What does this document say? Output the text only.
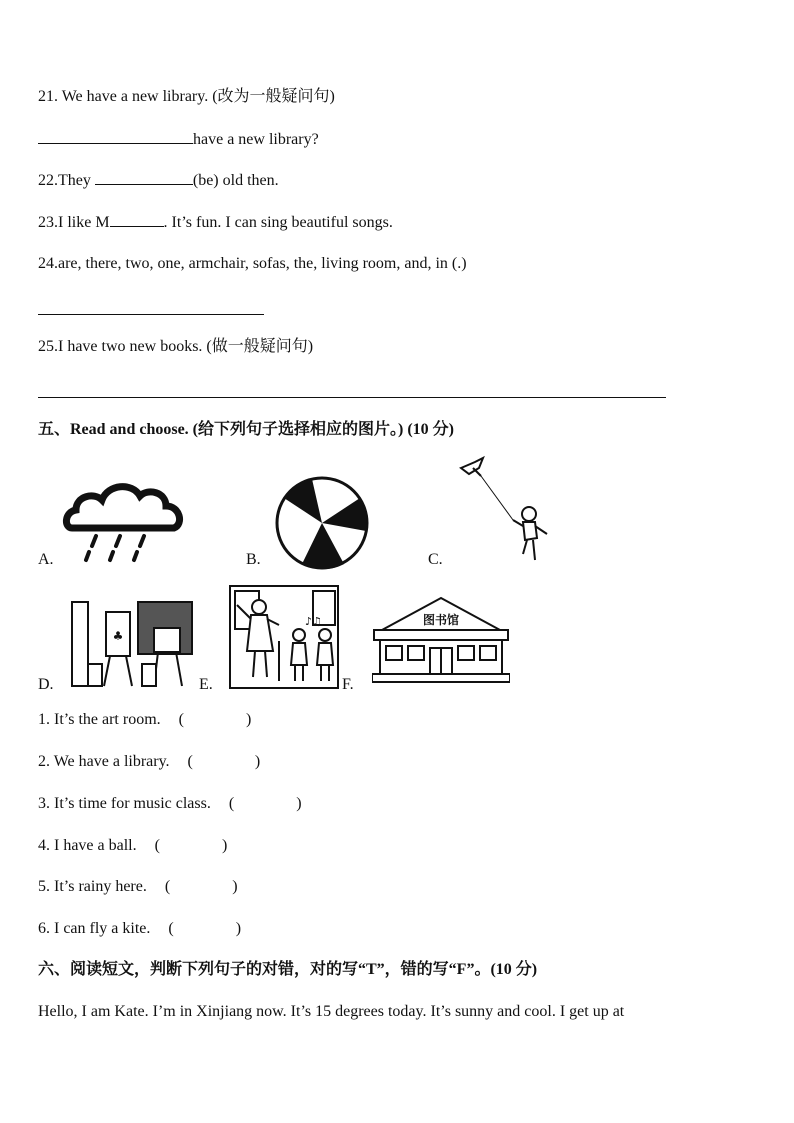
21. We have a new library. (改为一般疑问句)
have a new library?
22.They	(be) old then.
23.I like M	. It’s fun. I can sing beautiful songs.
24.are, there, two, one, armchair, sofas, the, living room, and, in (.)
25.I have two new books. (做一般疑问句)
五、Read and choose. (给下列句子选择相应的图片。) (10 分)
A.	B.	C.
D.
♣
E.
♪♫
F.
图书馆
1. It’s the art room. (	)
2. We have a library. (	)
3. It’s time for music class. (	)
4. I have a ball. (	)
5. It’s rainy here. (	)
6. I can fly a kite. (	)
六、阅读短文，判断下列句子的对错，对的写“T”，错的写“F”。(10 分)
Hello, I am Kate. I’m in Xinjiang now. It’s 15 degrees today. It’s sunny and cool. I get up at
